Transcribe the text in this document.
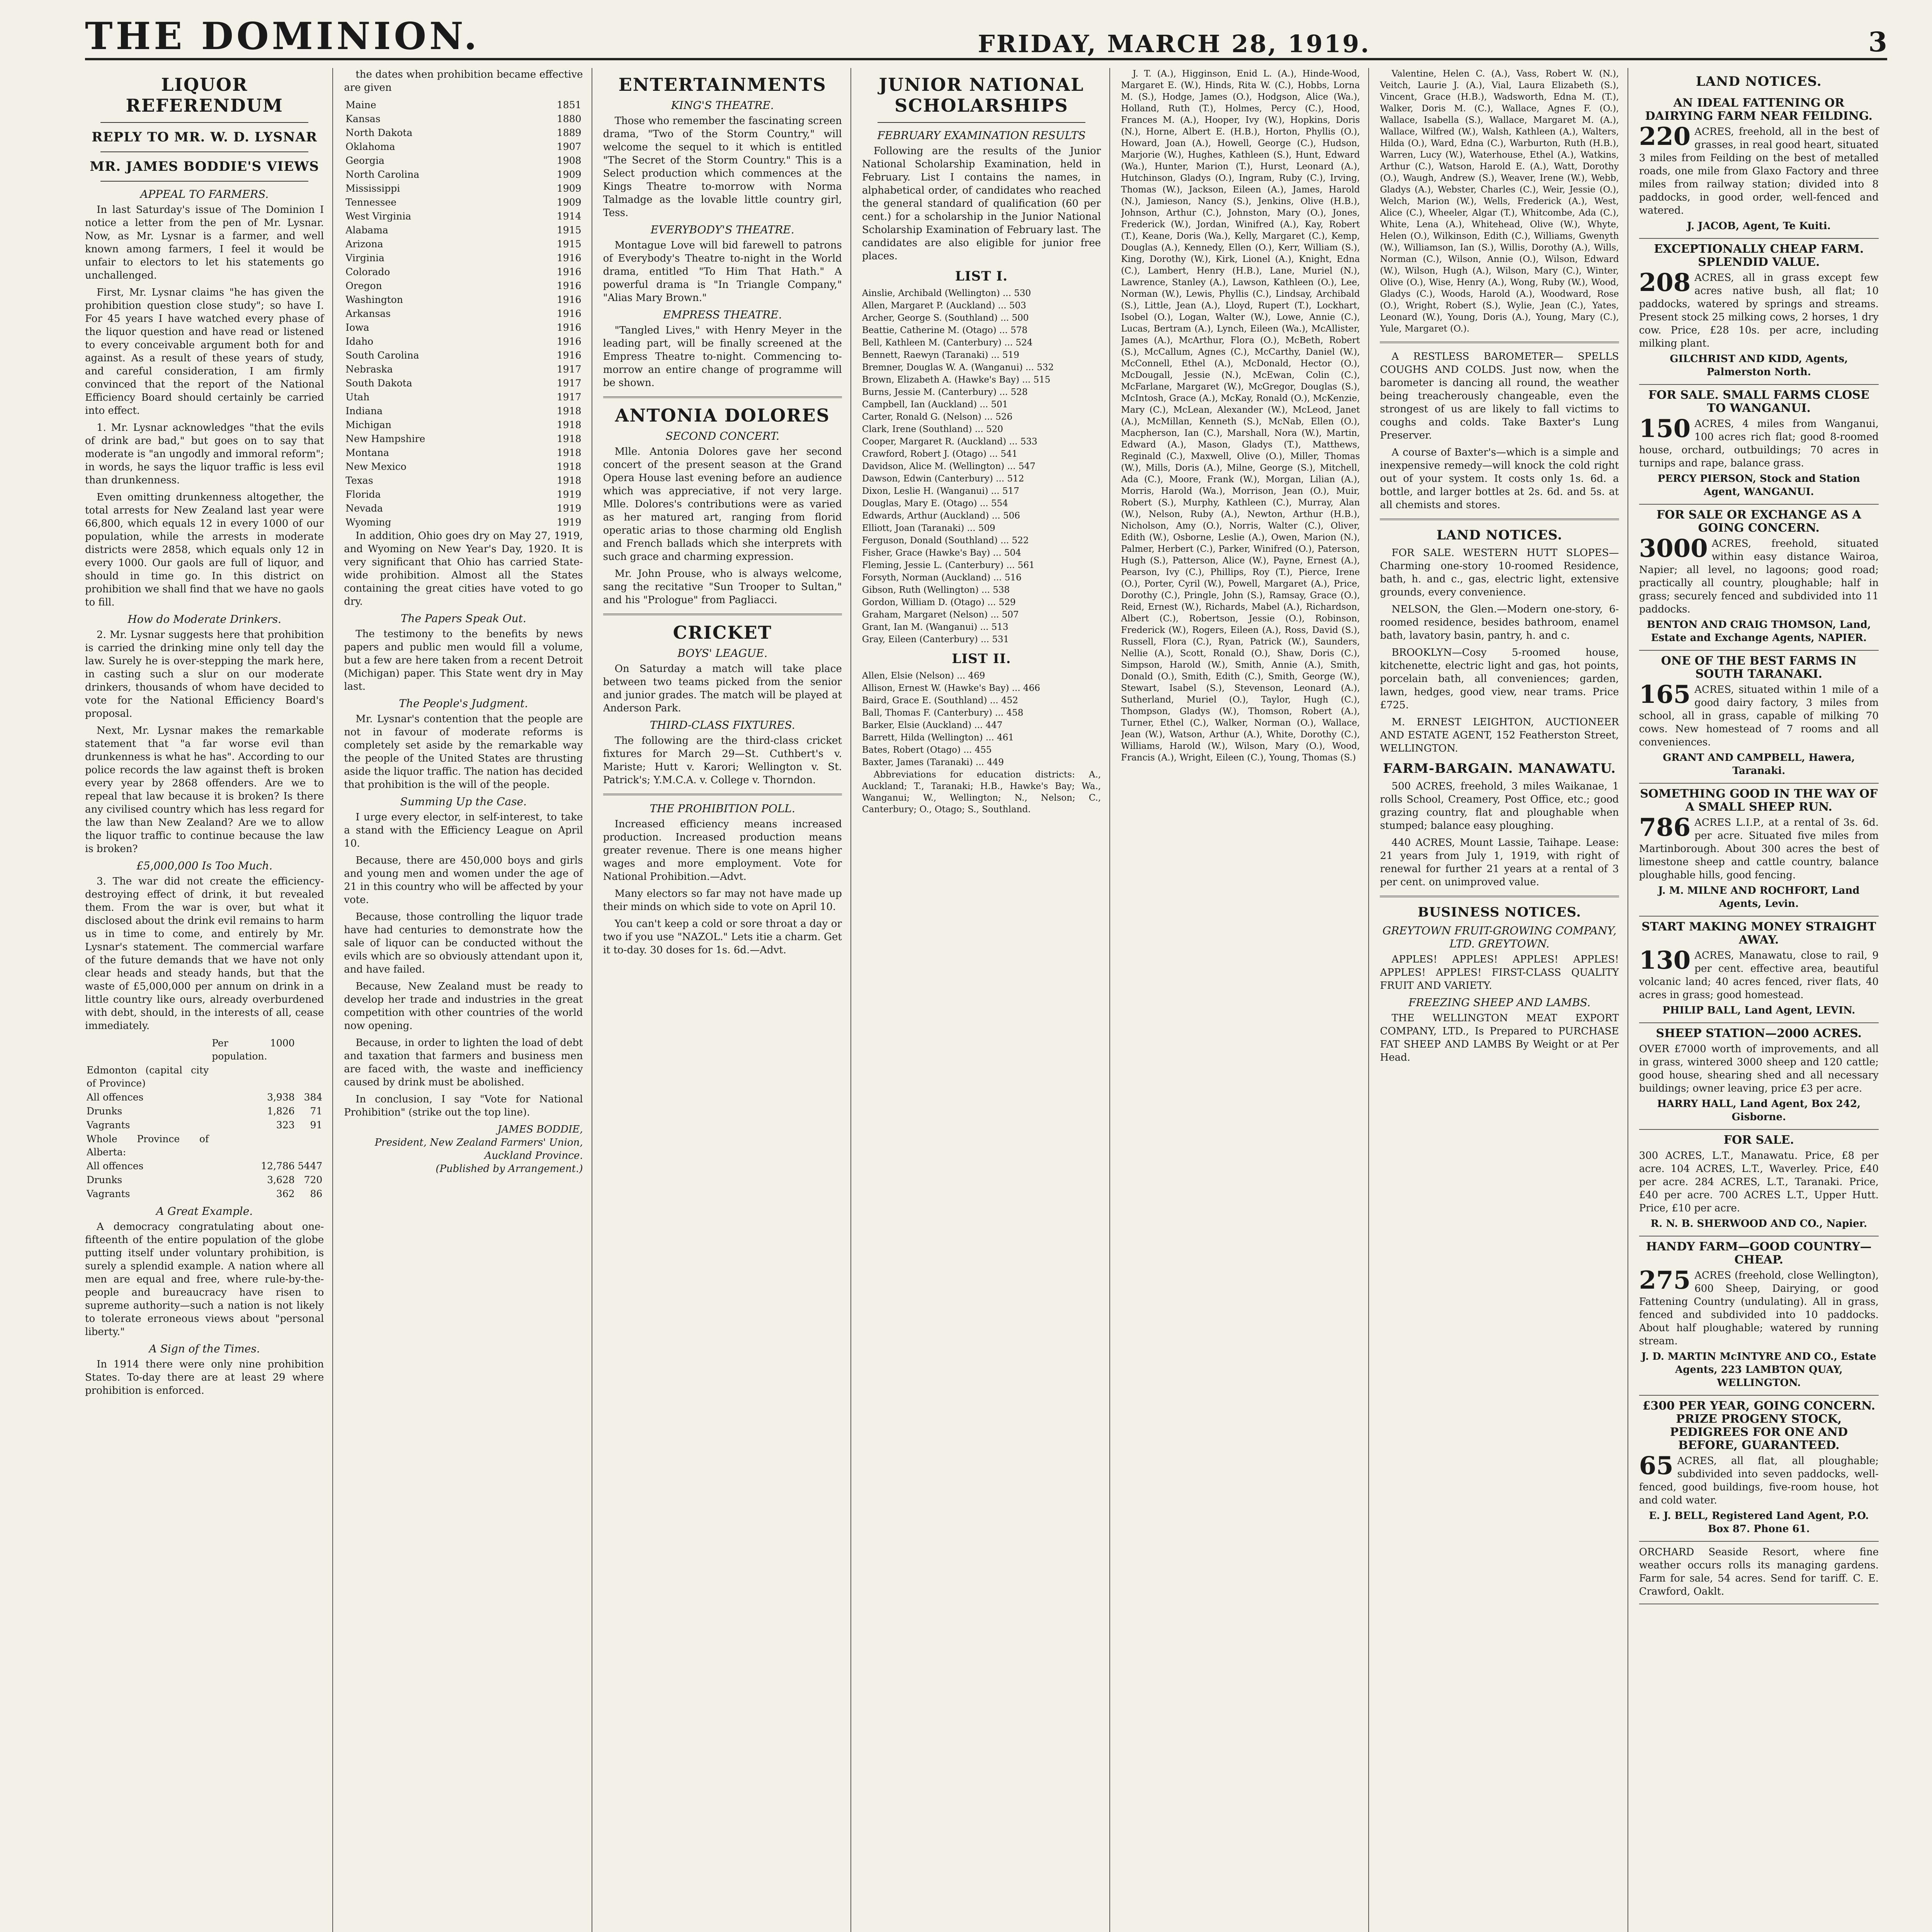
THE DOMINION.	FRIDAY, MARCH 28, 1919.	3
LIQUOR REFERENDUM
REPLY TO MR. W. D. LYSNAR
MR. JAMES BODDIE'S VIEWS
APPEAL TO FARMERS.

In last Saturday's issue of The Dominion I notice a letter from the pen of Mr. Lysnar. Now, as Mr. Lysnar is a farmer, and well known among farmers, I feel it would be unfair to electors to let his statements go unchallenged.

First, Mr. Lysnar claims "he has given the prohibition question close study"; so have I. For 45 years I have watched every phase of the liquor question and have read or listened to every conceivable argument both for and against. As a result of these years of study, and careful consideration, I am firmly convinced that the report of the National Efficiency Board should certainly be carried into effect.

1. Mr. Lysnar acknowledges "that the evils of drink are bad," but goes on to say that moderate is "an ungodly and immoral reform"; in words, he says the liquor traffic is less evil than drunkenness.

Even omitting drunkenness altogether, the total arrests for New Zealand last year were 66,800, which equals 12 in every 1000 of our population, while the arrests in moderate districts were 2858, which equals only 12 in every 1000. Our gaols are full of liquor, and should in time go. In this district on prohibition we shall find that we have no gaols to fill.

How do Moderate Drinkers.

2. Mr. Lysnar suggests here that prohibition is carried the drinking mine only tell day the law. Surely he is over-stepping the mark here, in casting such a slur on our moderate drinkers, thousands of whom have decided to vote for the National Efficiency Board's proposal.

Next, Mr. Lysnar makes the remarkable statement that "a far worse evil than drunkenness is what he has". According to our police records the law against theft is broken every year by 2868 offenders. Are we to repeal that law because it is broken? Is there any civilised country which has less regard for the law than New Zealand? Are we to allow the liquor traffic to continue because the law is broken?

£5,000,000 Is Too Much.

3. The war did not create the efficiency-destroying effect of drink, it but revealed them. From the war is over, but what it disclosed about the drink evil remains to harm us in time to come, and entirely by Mr. Lysnar's statement. The commercial warfare of the future demands that we have not only clear heads and steady hands, but that the waste of £5,000,000 per annum on drink in a little country like ours, already overburdened with debt, should, in the interests of all, cease immediately.

	Per 1000 population.	
Edmonton (capital city of Province)		
All offences	3,938	384
Drunks	1,826	71
Vagrants	323	91
Whole Province of Alberta:		
All offences	12,786	5447
Drunks	3,628	720
Vagrants	362	86
A Great Example.

A democracy congratulating about one-fifteenth of the entire population of the globe putting itself under voluntary prohibition, is surely a splendid example. A nation where all men are equal and free, where rule-by-the-people and bureaucracy have risen to supreme authority—such a nation is not likely to tolerate erroneous views about "personal liberty."

A Sign of the Times.

In 1914 there were only nine prohibition States. To-day there are at least 29 where prohibition is enforced.

the dates when prohibition became effective are given

Maine	1851
Kansas	1880
North Dakota	1889
Oklahoma	1907
Georgia	1908
North Carolina	1909
Mississippi	1909
Tennessee	1909
West Virginia	1914
Alabama	1915
Arizona	1915
Virginia	1916
Colorado	1916
Oregon	1916
Washington	1916
Arkansas	1916
Iowa	1916
Idaho	1916
South Carolina	1916
Nebraska	1917
South Dakota	1917
Utah	1917
Indiana	1918
Michigan	1918
New Hampshire	1918
Montana	1918
New Mexico	1918
Texas	1918
Florida	1919
Nevada	1919
Wyoming	1919

In addition, Ohio goes dry on May 27, 1919, and Wyoming on New Year's Day, 1920. It is very significant that Ohio has carried State-wide prohibition. Almost all the States containing the great cities have voted to go dry.

The Papers Speak Out.

The testimony to the benefits by news papers and public men would fill a volume, but a few are here taken from a recent Detroit (Michigan) paper. This State went dry in May last.

The People's Judgment.

Mr. Lysnar's contention that the people are not in favour of moderate reforms is completely set aside by the remarkable way the people of the United States are thrusting aside the liquor traffic. The nation has decided that prohibition is the will of the people.

Summing Up the Case.

I urge every elector, in self-interest, to take a stand with the Efficiency League on April 10.

Because, there are 450,000 boys and girls and young men and women under the age of 21 in this country who will be affected by your vote.

Because, those controlling the liquor trade have had centuries to demonstrate how the sale of liquor can be conducted without the evils which are so obviously attendant upon it, and have failed.

Because, New Zealand must be ready to develop her trade and industries in the great competition with other countries of the world now opening.

Because, in order to lighten the load of debt and taxation that farmers and business men are faced with, the waste and inefficiency caused by drink must be abolished.

In conclusion, I say "Vote for National Prohibition" (strike out the top line).

JAMES BODDIE,
President, New Zealand Farmers' Union, Auckland Province.
(Published by Arrangement.)
ENTERTAINMENTS
KING'S THEATRE.

Those who remember the fascinating screen drama, "Two of the Storm Country," will welcome the sequel to it which is entitled "The Secret of the Storm Country." This is a Select production which commences at the Kings Theatre to-morrow with Norma Talmadge as the lovable little country girl, Tess.

EVERYBODY'S THEATRE.

Montague Love will bid farewell to patrons of Everybody's Theatre to-night in the World drama, entitled "To Him That Hath." A powerful drama is "In Triangle Company," "Alias Mary Brown."

EMPRESS THEATRE.

"Tangled Lives," with Henry Meyer in the leading part, will be finally screened at the Empress Theatre to-night. Commencing to-morrow an entire change of programme will be shown.

ANTONIA DOLORES
SECOND CONCERT.

Mlle. Antonia Dolores gave her second concert of the present season at the Grand Opera House last evening before an audience which was appreciative, if not very large. Mlle. Dolores's contributions were as varied as her matured art, ranging from florid operatic arias to those charming old English and French ballads which she interprets with such grace and charming expression.

Mr. John Prouse, who is always welcome, sang the recitative "Sun Trooper to Sultan," and his "Prologue" from Pagliacci.

CRICKET
BOYS' LEAGUE.

On Saturday a match will take place between two teams picked from the senior and junior grades. The match will be played at Anderson Park.

THIRD-CLASS FIXTURES.

The following are the third-class cricket fixtures for March 29—St. Cuthbert's v. Mariste; Hutt v. Karori; Wellington v. St. Patrick's; Y.M.C.A. v. College v. Thorndon.

THE PROHIBITION POLL.

Increased efficiency means increased production. Increased production means greater revenue. There is one means higher wages and more employment. Vote for National Prohibition.—Advt.

Many electors so far may not have made up their minds on which side to vote on April 10.

You can't keep a cold or sore throat a day or two if you use "NAZOL." Lets itie a charm. Get it to-day. 30 doses for 1s. 6d.—Advt.

JUNIOR NATIONAL SCHOLARSHIPS
FEBRUARY EXAMINATION RESULTS

Following are the results of the Junior National Scholarship Examination, held in February. List I contains the names, in alphabetical order, of candidates who reached the general standard of qualification (60 per cent.) for a scholarship in the Junior National Scholarship Examination of February last. The candidates are also eligible for junior free places.

LIST I.
Ainslie, Archibald (Wellington) ... 530
Allen, Margaret P. (Auckland) ... 503
Archer, George S. (Southland) ... 500
Beattie, Catherine M. (Otago) ... 578
Bell, Kathleen M. (Canterbury) ... 524
Bennett, Raewyn (Taranaki) ... 519
Bremner, Douglas W. A. (Wanganui) ... 532
Brown, Elizabeth A. (Hawke's Bay) ... 515
Burns, Jessie M. (Canterbury) ... 528
Campbell, Ian (Auckland) ... 501
Carter, Ronald G. (Nelson) ... 526
Clark, Irene (Southland) ... 520
Cooper, Margaret R. (Auckland) ... 533
Crawford, Robert J. (Otago) ... 541
Davidson, Alice M. (Wellington) ... 547
Dawson, Edwin (Canterbury) ... 512
Dixon, Leslie H. (Wanganui) ... 517
Douglas, Mary E. (Otago) ... 554
Edwards, Arthur (Auckland) ... 506
Elliott, Joan (Taranaki) ... 509
Ferguson, Donald (Southland) ... 522
Fisher, Grace (Hawke's Bay) ... 504
Fleming, Jessie L. (Canterbury) ... 561
Forsyth, Norman (Auckland) ... 516
Gibson, Ruth (Wellington) ... 538
Gordon, William D. (Otago) ... 529
Graham, Margaret (Nelson) ... 507
Grant, Ian M. (Wanganui) ... 513
Gray, Eileen (Canterbury) ... 531
LIST II.
Allen, Elsie (Nelson) ... 469
Allison, Ernest W. (Hawke's Bay) ... 466
Baird, Grace E. (Southland) ... 452
Ball, Thomas F. (Canterbury) ... 458
Barker, Elsie (Auckland) ... 447
Barrett, Hilda (Wellington) ... 461
Bates, Robert (Otago) ... 455
Baxter, James (Taranaki) ... 449

Abbreviations for education districts: A., Auckland; T., Taranaki; H.B., Hawke's Bay; Wa., Wanganui; W., Wellington; N., Nelson; C., Canterbury; O., Otago; S., Southland.

J. T. (A.), Higginson, Enid L. (A.), Hinde-Wood, Margaret E. (W.), Hinds, Rita W. (C.), Hobbs, Lorna M. (S.), Hodge, James (O.), Hodgson, Alice (Wa.), Holland, Ruth (T.), Holmes, Percy (C.), Hood, Frances M. (A.), Hooper, Ivy (W.), Hopkins, Doris (N.), Horne, Albert E. (H.B.), Horton, Phyllis (O.), Howard, Joan (A.), Howell, George (C.), Hudson, Marjorie (W.), Hughes, Kathleen (S.), Hunt, Edward (Wa.), Hunter, Marion (T.), Hurst, Leonard (A.), Hutchinson, Gladys (O.), Ingram, Ruby (C.), Irving, Thomas (W.), Jackson, Eileen (A.), James, Harold (N.), Jamieson, Nancy (S.), Jenkins, Olive (H.B.), Johnson, Arthur (C.), Johnston, Mary (O.), Jones, Frederick (W.), Jordan, Winifred (A.), Kay, Robert (T.), Keane, Doris (Wa.), Kelly, Margaret (C.), Kemp, Douglas (A.), Kennedy, Ellen (O.), Kerr, William (S.), King, Dorothy (W.), Kirk, Lionel (A.), Knight, Edna (C.), Lambert, Henry (H.B.), Lane, Muriel (N.), Lawrence, Stanley (A.), Lawson, Kathleen (O.), Lee, Norman (W.), Lewis, Phyllis (C.), Lindsay, Archibald (S.), Little, Jean (A.), Lloyd, Rupert (T.), Lockhart, Isobel (O.), Logan, Walter (W.), Lowe, Annie (C.), Lucas, Bertram (A.), Lynch, Eileen (Wa.), McAllister, James (A.), McArthur, Flora (O.), McBeth, Robert (S.), McCallum, Agnes (C.), McCarthy, Daniel (W.), McConnell, Ethel (A.), McDonald, Hector (O.), McDougall, Jessie (N.), McEwan, Colin (C.), McFarlane, Margaret (W.), McGregor, Douglas (S.), McIntosh, Grace (A.), McKay, Ronald (O.), McKenzie, Mary (C.), McLean, Alexander (W.), McLeod, Janet (A.), McMillan, Kenneth (S.), McNab, Ellen (O.), Macpherson, Ian (C.), Marshall, Nora (W.), Martin, Edward (A.), Mason, Gladys (T.), Matthews, Reginald (C.), Maxwell, Olive (O.), Miller, Thomas (W.), Mills, Doris (A.), Milne, George (S.), Mitchell, Ada (C.), Moore, Frank (W.), Morgan, Lilian (A.), Morris, Harold (Wa.), Morrison, Jean (O.), Muir, Robert (S.), Murphy, Kathleen (C.), Murray, Alan (W.), Nelson, Ruby (A.), Newton, Arthur (H.B.), Nicholson, Amy (O.), Norris, Walter (C.), Oliver, Edith (W.), Osborne, Leslie (A.), Owen, Marion (N.), Palmer, Herbert (C.), Parker, Winifred (O.), Paterson, Hugh (S.), Patterson, Alice (W.), Payne, Ernest (A.), Pearson, Ivy (C.), Phillips, Roy (T.), Pierce, Irene (O.), Porter, Cyril (W.), Powell, Margaret (A.), Price, Dorothy (C.), Pringle, John (S.), Ramsay, Grace (O.), Reid, Ernest (W.), Richards, Mabel (A.), Richardson, Albert (C.), Robertson, Jessie (O.), Robinson, Frederick (W.), Rogers, Eileen (A.), Ross, David (S.), Russell, Flora (C.), Ryan, Patrick (W.), Saunders, Nellie (A.), Scott, Ronald (O.), Shaw, Doris (C.), Simpson, Harold (W.), Smith, Annie (A.), Smith, Donald (O.), Smith, Edith (C.), Smith, George (W.), Stewart, Isabel (S.), Stevenson, Leonard (A.), Sutherland, Muriel (O.), Taylor, Hugh (C.), Thompson, Gladys (W.), Thomson, Robert (A.), Turner, Ethel (C.), Walker, Norman (O.), Wallace, Jean (W.), Watson, Arthur (A.), White, Dorothy (C.), Williams, Harold (W.), Wilson, Mary (O.), Wood, Francis (A.), Wright, Eileen (C.), Young, Thomas (S.)

Valentine, Helen C. (A.), Vass, Robert W. (N.), Veitch, Laurie J. (A.), Vial, Laura Elizabeth (S.), Vincent, Grace (H.B.), Wadsworth, Edna M. (T.), Walker, Doris M. (C.), Wallace, Agnes F. (O.), Wallace, Isabella (S.), Wallace, Margaret M. (A.), Wallace, Wilfred (W.), Walsh, Kathleen (A.), Walters, Hilda (O.), Ward, Edna (C.), Warburton, Ruth (H.B.), Warren, Lucy (W.), Waterhouse, Ethel (A.), Watkins, Arthur (C.), Watson, Harold E. (A.), Watt, Dorothy (O.), Waugh, Andrew (S.), Weaver, Irene (W.), Webb, Gladys (A.), Webster, Charles (C.), Weir, Jessie (O.), Welch, Marion (W.), Wells, Frederick (A.), West, Alice (C.), Wheeler, Algar (T.), Whitcombe, Ada (C.), White, Lena (A.), Whitehead, Olive (W.), Whyte, Helen (O.), Wilkinson, Edith (C.), Williams, Gwenyth (W.), Williamson, Ian (S.), Willis, Dorothy (A.), Wills, Norman (C.), Wilson, Annie (O.), Wilson, Edward (W.), Wilson, Hugh (A.), Wilson, Mary (C.), Winter, Olive (O.), Wise, Henry (A.), Wong, Ruby (W.), Wood, Gladys (C.), Woods, Harold (A.), Woodward, Rose (O.), Wright, Robert (S.), Wylie, Jean (C.), Yates, Leonard (W.), Young, Doris (A.), Young, Mary (C.), Yule, Margaret (O.).

A RESTLESS BAROMETER— SPELLS COUGHS AND COLDS. Just now, when the barometer is dancing all round, the weather being treacherously changeable, even the strongest of us are likely to fall victims to coughs and colds. Take Baxter's Lung Preserver.

A course of Baxter's—which is a simple and inexpensive remedy—will knock the cold right out of your system. It costs only 1s. 6d. a bottle, and larger bottles at 2s. 6d. and 5s. at all chemists and stores.

LAND NOTICES.

FOR SALE. WESTERN HUTT SLOPES—Charming one-story 10-roomed Residence, bath, h. and c., gas, electric light, extensive grounds, every convenience.

NELSON, the Glen.—Modern one-story, 6-roomed residence, besides bathroom, enamel bath, lavatory basin, pantry, h. and c.

BROOKLYN—Cosy 5-roomed house, kitchenette, electric light and gas, hot points, porcelain bath, all conveniences; garden, lawn, hedges, good view, near trams. Price £725.

M. ERNEST LEIGHTON, AUCTIONEER AND ESTATE AGENT, 152 Featherston Street, WELLINGTON.

FARM-BARGAIN. MANAWATU.

500 ACRES, freehold, 3 miles Waikanae, 1 rolls School, Creamery, Post Office, etc.; good grazing country, flat and ploughable when stumped; balance easy ploughing.

440 ACRES, Mount Lassie, Taihape. Lease: 21 years from July 1, 1919, with right of renewal for further 21 years at a rental of 3 per cent. on unimproved value.

BUSINESS NOTICES.
GREYTOWN FRUIT-GROWING COMPANY, LTD. GREYTOWN.

APPLES! APPLES! APPLES! APPLES! APPLES! APPLES! FIRST-CLASS QUALITY FRUIT AND VARIETY.

FREEZING SHEEP AND LAMBS.

THE WELLINGTON MEAT EXPORT COMPANY, LTD., Is Prepared to PURCHASE FAT SHEEP AND LAMBS By Weight or at Per Head.

LAND NOTICES.
AN IDEAL FATTENING OR DAIRYING FARM NEAR FEILDING.
220 ACRES, freehold, all in the best of grasses, in real good heart, situated 3 miles from Feilding on the best of metalled roads, one mile from Glaxo Factory and three miles from railway station; divided into 8 paddocks, in good order, well-fenced and watered.
J. JACOB, Agent, Te Kuiti.
EXCEPTIONALLY CHEAP FARM. SPLENDID VALUE.
208 ACRES, all in grass except few acres native bush, all flat; 10 paddocks, watered by springs and streams. Present stock 25 milking cows, 2 horses, 1 dry cow. Price, £28 10s. per acre, including milking plant.
GILCHRIST AND KIDD, Agents, Palmerston North.
FOR SALE. SMALL FARMS CLOSE TO WANGANUI.
150 ACRES, 4 miles from Wanganui, 100 acres rich flat; good 8-roomed house, orchard, outbuildings; 70 acres in turnips and rape, balance grass.
PERCY PIERSON, Stock and Station Agent, WANGANUI.
FOR SALE OR EXCHANGE AS A GOING CONCERN.
3000 ACRES, freehold, situated within easy distance Wairoa, Napier; all level, no lagoons; good road; practically all country, ploughable; half in grass; securely fenced and subdivided into 11 paddocks.
BENTON AND CRAIG THOMSON, Land, Estate and Exchange Agents, NAPIER.
ONE OF THE BEST FARMS IN SOUTH TARANAKI.
165 ACRES, situated within 1 mile of a good dairy factory, 3 miles from school, all in grass, capable of milking 70 cows. New homestead of 7 rooms and all conveniences.
GRANT AND CAMPBELL, Hawera, Taranaki.
SOMETHING GOOD IN THE WAY OF A SMALL SHEEP RUN.
786 ACRES L.I.P., at a rental of 3s. 6d. per acre. Situated five miles from Martinborough. About 300 acres the best of limestone sheep and cattle country, balance ploughable hills, good fencing.
J. M. MILNE AND ROCHFORT, Land Agents, Levin.
START MAKING MONEY STRAIGHT AWAY.
130 ACRES, Manawatu, close to rail, 9 per cent. effective area, beautiful volcanic land; 40 acres fenced, river flats, 40 acres in grass; good homestead.
PHILIP BALL, Land Agent, LEVIN.
SHEEP STATION—2000 ACRES.
OVER £7000 worth of improvements, and all in grass, wintered 3000 sheep and 120 cattle; good house, shearing shed and all necessary buildings; owner leaving, price £3 per acre.
HARRY HALL, Land Agent, Box 242, Gisborne.
FOR SALE.
300 ACRES, L.T., Manawatu. Price, £8 per acre. 104 ACRES, L.T., Waverley. Price, £40 per acre. 284 ACRES, L.T., Taranaki. Price, £40 per acre. 700 ACRES L.T., Upper Hutt. Price, £10 per acre.
R. N. B. SHERWOOD AND CO., Napier.
HANDY FARM—GOOD COUNTRY—CHEAP.
275 ACRES (freehold, close Wellington), 600 Sheep, Dairying, or good Fattening Country (undulating). All in grass, fenced and subdivided into 10 paddocks. About half ploughable; watered by running stream.
J. D. MARTIN McINTYRE AND CO., Estate Agents, 223 LAMBTON QUAY, WELLINGTON.
£300 PER YEAR, GOING CONCERN. PRIZE PROGENY STOCK, PEDIGREES FOR ONE AND BEFORE, GUARANTEED.
65 ACRES, all flat, all ploughable; subdivided into seven paddocks, well-fenced, good buildings, five-room house, hot and cold water.
E. J. BELL, Registered Land Agent, P.O. Box 87. Phone 61.
ORCHARD Seaside Resort, where fine weather occurs rolls its managing gardens. Farm for sale, 54 acres. Send for tariff. C. E. Crawford, Oaklt.
